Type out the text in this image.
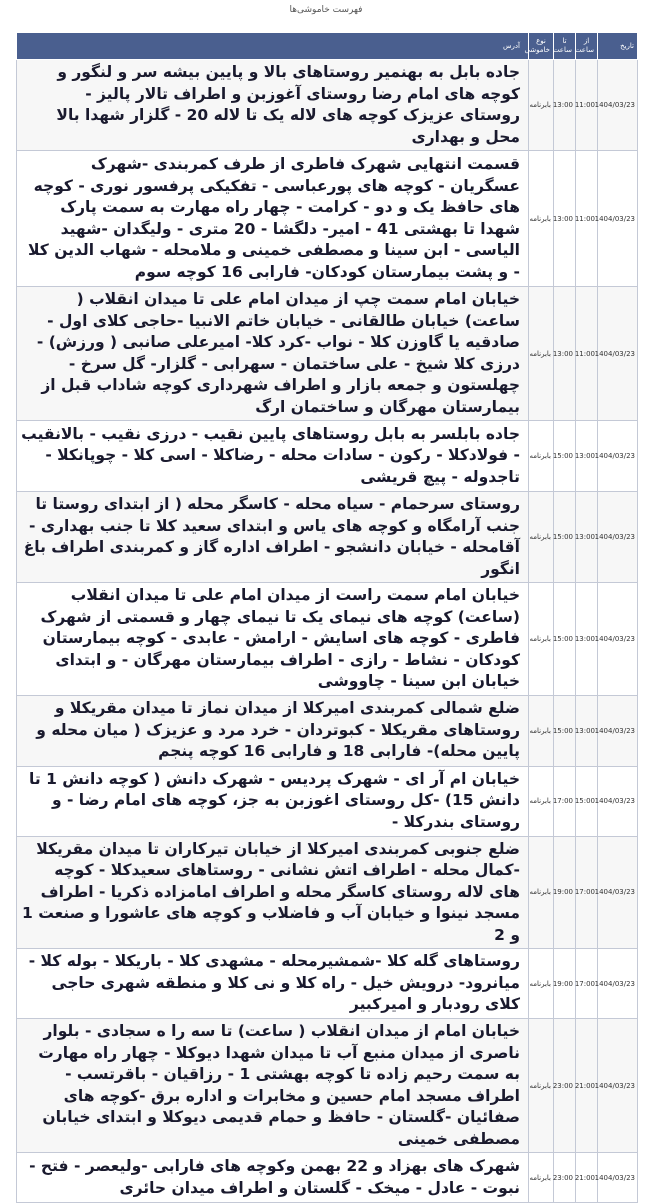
فهرست خاموشی‌ها
تاریخ	از ساعت	تا ساعت	نوع خاموشی	آدرس
1404/03/23	11:00	13:00	بابرنامه	جاده بابل به بهنمیر روستاهای بالا و پایین بیشه سر و لنگور و کوچه های امام رضا روستای آغوزبن و اطراف تالار پالیز - روستای عزیزک کوچه های لاله یک تا لاله 20 - گلزار شهدا بالا محل و بهداری
1404/03/23	11:00	13:00	بابرنامه	قسمت انتهایی شهرک فاطری از طرف کمربندی -شهرک عسگریان - کوچه های پورعباسی - تفکیکی پرفسور نوری - کوچه های حافظ یک و دو - کرامت - چهار راه مهارت به سمت پارک شهدا تا بهشتی 41 - امیر- دلگشا - 20 متری - ولیگدان -شهید الیاسی - ابن سینا و مصطفی خمینی و ملامحله - شهاب الدین کلا - و پشت بیمارستان کودکان- فارابی 16 کوچه سوم
1404/03/23	11:00	13:00	بابرنامه	خیابان امام سمت چپ از میدان امام علی تا میدان انقلاب ( ساعت) خیابان طالقانی - خیابان خاتم الانبیا -حاجی کلای اول - صادقیه یا گاوزن کلا - نواب -کرد کلا- امیرعلی صانبی ( ورزش) - درزی کلا شیخ - علی ساختمان - سهرابی - گلزار- گل سرخ - چهلستون و جمعه بازار و اطراف شهرداری کوچه شاداب قبل از بیمارستان مهرگان و ساختمان ارگ
1404/03/23	13:00	15:00	بابرنامه	جاده بابلسر به بابل روستاهای پایین نقیب - درزی نقیب - بالانقیب - فولادکلا - رکون - سادات محله - رضاکلا - اسی کلا - چوپانکلا - تاجدوله - پیچ قریشی
1404/03/23	13:00	15:00	بابرنامه	روستای سرحمام - سیاه محله - کاسگر محله ( از ابتدای روستا تا جنب آرامگاه و کوچه های یاس و ابتدای سعید کلا تا جنب بهداری - آقامحله - خیابان دانشجو - اطراف اداره گاز و کمربندی اطراف باغ انگور
1404/03/23	13:00	15:00	بابرنامه	خیابان امام سمت راست از میدان امام علی تا میدان انقلاب (ساعت) کوچه های نیمای یک تا نیمای چهار و قسمتی از شهرک فاطری - کوچه های اسایش - ارامش - عابدی - کوچه بیمارستان کودکان - نشاط - رازی - اطراف بیمارستان مهرگان - و ابتدای خیابان ابن سینا - چاووشی
1404/03/23	13:00	15:00	بابرنامه	ضلع شمالی کمربندی امیرکلا از میدان نماز تا میدان مقریکلا و روستاهای مقریکلا - کبوتردان - خرد مرد و عزیزک ( میان محله و پایین محله)- فارابی 18 و فارابی 16 کوچه پنجم
1404/03/23	15:00	17:00	بابرنامه	خیابان ام آر ای - شهرک پردیس - شهرک دانش ( کوچه دانش 1 تا دانش 15) -کل روستای اغوزبن به جز، کوچه های امام رضا - و روستای بندرکلا -
1404/03/23	17:00	19:00	بابرنامه	ضلع جنوبی کمربندی امیرکلا از خیابان تیرکاران تا میدان مقریکلا -کمال محله - اطراف اتش نشانی - روستاهای سعیدکلا - کوچه های لاله روستای کاسگر محله و اطراف امامزاده ذکریا - اطراف مسجد نینوا و خیابان آب و فاضلاب و کوچه های عاشورا و صنعت 1 و 2
1404/03/23	17:00	19:00	بابرنامه	روستاهای گله کلا -شمشیرمحله - مشهدی کلا - باریکلا - بوله کلا - میانرود- درویش خیل - راه کلا و نی کلا و منطقه شهری حاجی کلای رودبار و امیرکبیر
1404/03/23	21:00	23:00	بابرنامه	خیابان امام از میدان انقلاب ( ساعت) تا سه را ه سجادی - بلوار ناصری از میدان منبع آب تا میدان شهدا دیوکلا - چهار راه مهارت به سمت رحیم زاده تا کوچه بهشتی 1 - رزاقیان - باقرتسب - اطراف مسجد امام حسین و مخابرات و اداره برق -کوچه های صفائیان -گلستان - حافظ و حمام قدیمی دیوکلا و ابتدای خیابان مصطفی خمینی
1404/03/23	21:00	23:00	بابرنامه	شهرک های بهزاد و 22 بهمن وکوچه های فارابی -ولیعصر - فتح - نبوت - عادل - میخک - گلستان و اطراف میدان حائری
